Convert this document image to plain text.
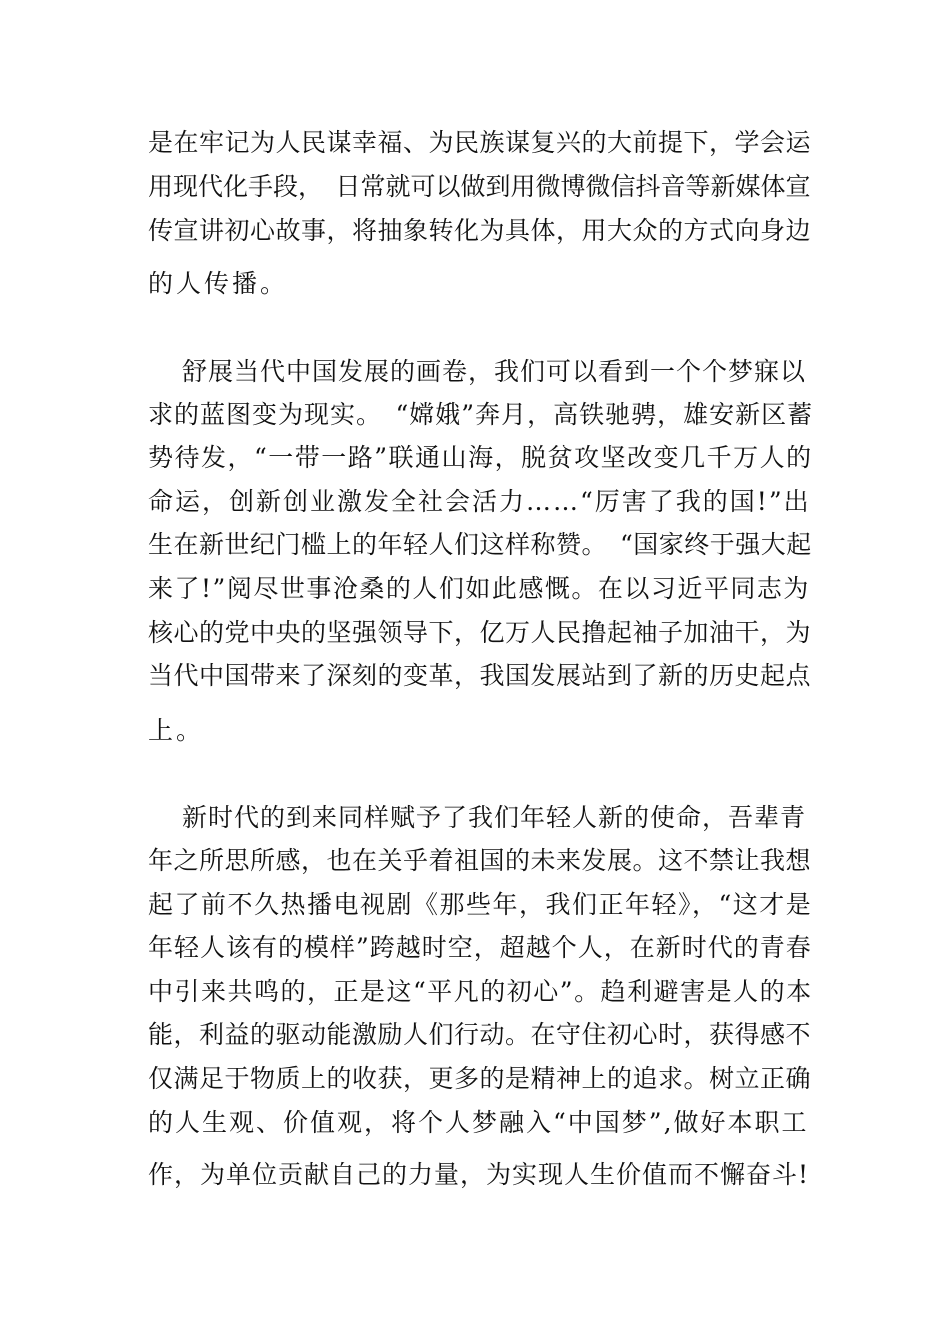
是在牢记为人民谋幸福、为民族谋复兴的大前提下，学会运
用现代化手段，　日常就可以做到用微博微信抖音等新媒体宣
传宣讲初心故事，将抽象转化为具体，用大众的方式向身边
的人传播。
舒展当代中国发展的画卷，我们可以看到一个个梦寐以
求的蓝图变为现实。　“嫦娥”奔月，高铁驰骋，雄安新区蓄
势待发，“一带一路”联通山海，脱贫攻坚改变几千万人的
命运，创新创业激发全社会活力……“厉害了我的国!”出
生在新世纪门槛上的年轻人们这样称赞。　“国家终于强大起
来了!”阅尽世事沧桑的人们如此感慨。在以习近平同志为
核心的党中央的坚强领导下，亿万人民撸起袖子加油干，为
当代中国带来了深刻的变革，我国发展站到了新的历史起点
上。
新时代的到来同样赋予了我们年轻人新的使命，吾辈青
年之所思所感，也在关乎着祖国的未来发展。这不禁让我想
起了前不久热播电视剧《那些年，我们正年轻》，“这才是
年轻人该有的模样”跨越时空，超越个人，在新时代的青春
中引来共鸣的，正是这“平凡的初心”。趋利避害是人的本
能，利益的驱动能激励人们行动。在守住初心时，获得感不
仅满足于物质上的收获，更多的是精神上的追求。树立正确
的人生观、价值观，将个人梦融入“中国梦”,做好本职工
作，为单位贡献自己的力量，为实现人生价值而不懈奋斗!
